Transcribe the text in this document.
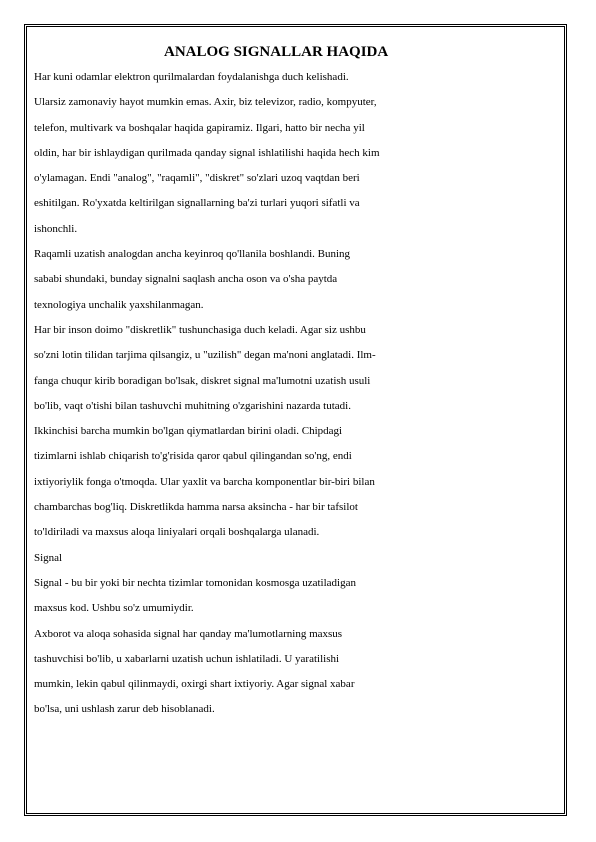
ANALOG SIGNALLAR HAQIDA

Har kuni odamlar elektron qurilmalardan foydalanishga duch kelishadi.

Ularsiz zamonaviy hayot mumkin emas. Axir, biz televizor, radio, kompyuter,

telefon, multivark va boshqalar haqida gapiramiz. Ilgari, hatto bir necha yil

oldin, har bir ishlaydigan qurilmada qanday signal ishlatilishi haqida hech kim

o'ylamagan. Endi "analog", "raqamli", "diskret" so'zlari uzoq vaqtdan beri

eshitilgan. Ro'yxatda keltirilgan signallarning ba'zi turlari yuqori sifatli va

ishonchli.

Raqamli uzatish analogdan ancha keyinroq qo'llanila boshlandi. Buning

sababi shundaki, bunday signalni saqlash ancha oson va o'sha paytda

texnologiya unchalik yaxshilanmagan.

Har bir inson doimo "diskretlik" tushunchasiga duch keladi. Agar siz ushbu

so'zni lotin tilidan tarjima qilsangiz, u "uzilish" degan ma'noni anglatadi. Ilm-

fanga chuqur kirib boradigan bo'lsak, diskret signal ma'lumotni uzatish usuli

bo'lib, vaqt o'tishi bilan tashuvchi muhitning o'zgarishini nazarda tutadi.

Ikkinchisi barcha mumkin bo'lgan qiymatlardan birini oladi. Chipdagi

tizimlarni ishlab chiqarish to'g'risida qaror qabul qilingandan so'ng, endi

ixtiyoriylik fonga o'tmoqda. Ular yaxlit va barcha komponentlar bir-biri bilan

chambarchas bog'liq. Diskretlikda hamma narsa aksincha - har bir tafsilot

to'ldiriladi va maxsus aloqa liniyalari orqali boshqalarga ulanadi.

Signal

Signal - bu bir yoki bir nechta tizimlar tomonidan kosmosga uzatiladigan

maxsus kod. Ushbu so'z umumiydir.

Axborot va aloqa sohasida signal har qanday ma'lumotlarning maxsus

tashuvchisi bo'lib, u xabarlarni uzatish uchun ishlatiladi. U yaratilishi

mumkin, lekin qabul qilinmaydi, oxirgi shart ixtiyoriy. Agar signal xabar

bo'lsa, uni ushlash zarur deb hisoblanadi.
